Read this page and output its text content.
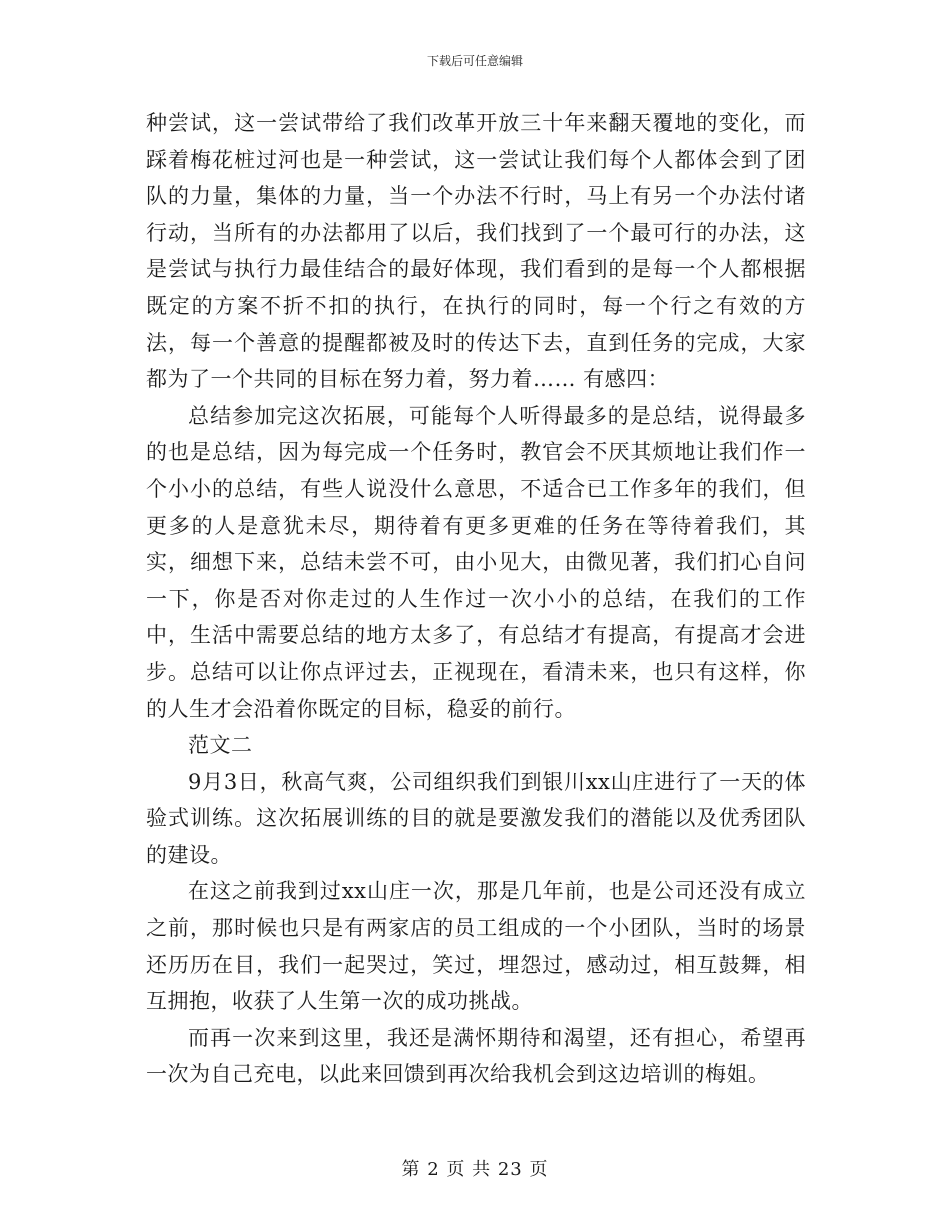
下载后可任意编辑

种尝试，这一尝试带给了我们改革开放三十年来翻天覆地的变化，而踩着梅花桩过河也是一种尝试，这一尝试让我们每个人都体会到了团队的力量，集体的力量，当一个办法不行时，马上有另一个办法付诸行动，当所有的办法都用了以后，我们找到了一个最可行的办法，这是尝试与执行力最佳结合的最好体现，我们看到的是每一个人都根据既定的方案不折不扣的执行，在执行的同时，每一个行之有效的方法，每一个善意的提醒都被及时的传达下去，直到任务的完成，大家都为了一个共同的目标在努力着，努力着…… 有感四：

总结参加完这次拓展，可能每个人听得最多的是总结，说得最多的也是总结，因为每完成一个任务时，教官会不厌其烦地让我们作一个小小的总结，有些人说没什么意思，不适合已工作多年的我们，但更多的人是意犹未尽，期待着有更多更难的任务在等待着我们，其实，细想下来，总结未尝不可，由小见大，由微见著，我们扪心自问一下，你是否对你走过的人生作过一次小小的总结，在我们的工作中，生活中需要总结的地方太多了，有总结才有提高，有提高才会进步。总结可以让你点评过去，正视现在，看清未来，也只有这样，你的人生才会沿着你既定的目标，稳妥的前行。

范文二

9月3日，秋高气爽，公司组织我们到银川xx山庄进行了一天的体验式训练。这次拓展训练的目的就是要激发我们的潜能以及优秀团队的建设。

在这之前我到过xx山庄一次，那是几年前，也是公司还没有成立之前，那时候也只是有两家店的员工组成的一个小团队，当时的场景还历历在目，我们一起哭过，笑过，埋怨过，感动过，相互鼓舞，相互拥抱，收获了人生第一次的成功挑战。

而再一次来到这里，我还是满怀期待和渴望，还有担心，希望再一次为自己充电，以此来回馈到再次给我机会到这边培训的梅姐。

第 2 页 共 23 页
